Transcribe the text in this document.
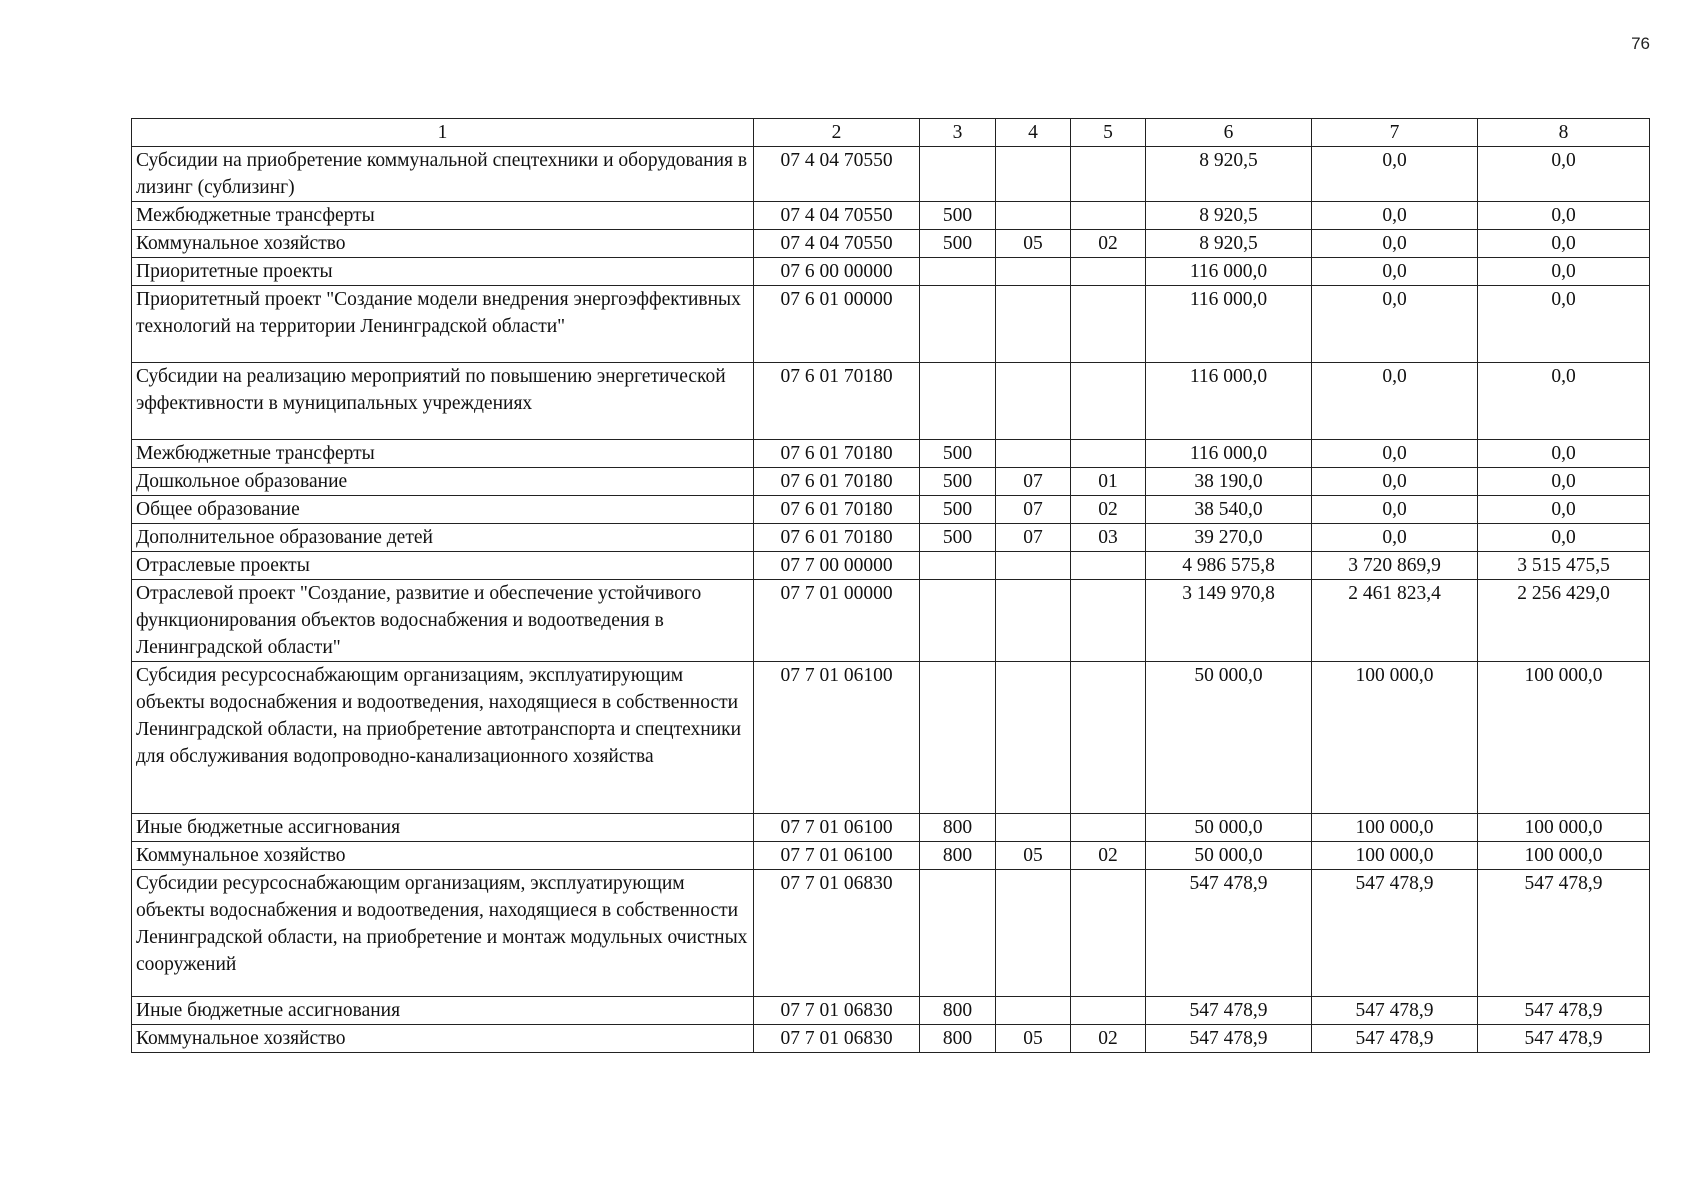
76
1	2	3	4	5	6	7	8
Субсидии на приобретение коммунальной спецтехники и оборудования в лизинг (сублизинг)	07 4 04 70550				8 920,5	0,0	0,0
Межбюджетные трансферты	07 4 04 70550	500			8 920,5	0,0	0,0
Коммунальное хозяйство	07 4 04 70550	500	05	02	8 920,5	0,0	0,0
Приоритетные проекты	07 6 00 00000				116 000,0	0,0	0,0
Приоритетный проект "Создание модели внедрения энергоэффективных технологий на территории Ленинградской области"	07 6 01 00000				116 000,0	0,0	0,0
Субсидии на реализацию мероприятий по повышению энергетической эффективности в муниципальных учреждениях	07 6 01 70180				116 000,0	0,0	0,0
Межбюджетные трансферты	07 6 01 70180	500			116 000,0	0,0	0,0
Дошкольное образование	07 6 01 70180	500	07	01	38 190,0	0,0	0,0
Общее образование	07 6 01 70180	500	07	02	38 540,0	0,0	0,0
Дополнительное образование детей	07 6 01 70180	500	07	03	39 270,0	0,0	0,0
Отраслевые проекты	07 7 00 00000				4 986 575,8	3 720 869,9	3 515 475,5
Отраслевой проект "Создание, развитие и обеспечение устойчивого функционирования объектов водоснабжения и водоотведения в Ленинградской области"	07 7 01 00000				3 149 970,8	2 461 823,4	2 256 429,0
Субсидия ресурсоснабжающим организациям, эксплуатирующим объекты водоснабжения и водоотведения, находящиеся в собственности Ленинградской области, на приобретение автотранспорта и спецтехники для обслуживания водопроводно-канализационного хозяйства	07 7 01 06100				50 000,0	100 000,0	100 000,0
Иные бюджетные ассигнования	07 7 01 06100	800			50 000,0	100 000,0	100 000,0
Коммунальное хозяйство	07 7 01 06100	800	05	02	50 000,0	100 000,0	100 000,0
Субсидии ресурсоснабжающим организациям, эксплуатирующим объекты водоснабжения и водоотведения, находящиеся в собственности Ленинградской области, на приобретение и монтаж модульных очистных сооружений	07 7 01 06830				547 478,9	547 478,9	547 478,9
Иные бюджетные ассигнования	07 7 01 06830	800			547 478,9	547 478,9	547 478,9
Коммунальное хозяйство	07 7 01 06830	800	05	02	547 478,9	547 478,9	547 478,9
